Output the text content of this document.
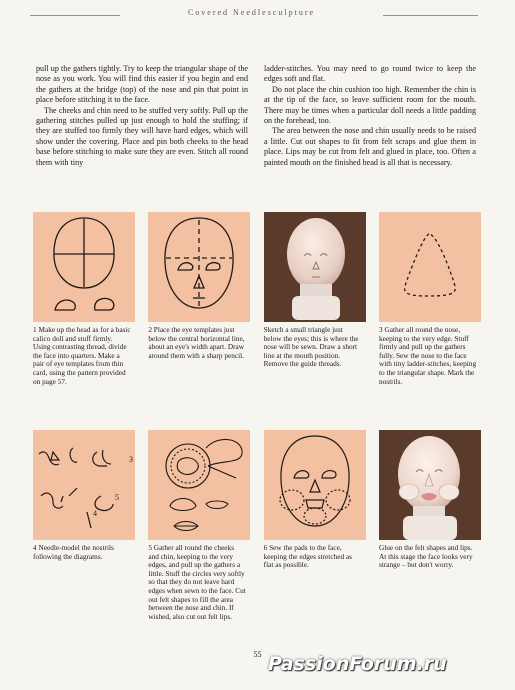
Covered Needlesculpture

pull up the gathers tightly. Try to keep the triangular shape of the nose as you work. You will find this easier if you begin and end the gathers at the bridge (top) of the nose and pin that point in place before stitching it to the face.

The cheeks and chin need to be stuffed very softly. Pull up the gathering stitches pulled up just enough to hold the stuffing; if they are stuffed too firmly they will have hard edges, which will show under the covering. Place and pin both cheeks to the head base before stitching to make sure they are even. Stitch all round them with tiny

ladder-stitches. You may need to go round twice to keep the edges soft and flat.

Do not place the chin cushion too high. Remember the chin is at the tip of the face, so leave sufficient room for the mouth. There may be times when a particular doll needs a little padding on the forehead, too.

The area between the nose and chin usually needs to be raised a little. Cut out shapes to fit from felt scraps and glue them in place. Lips may be cut from felt and glued in place, too. Often a painted mouth on the finished head is all that is necessary.

1 Make up the head as for a basic calico doll and stuff firmly. Using contrasting thread, divide the face into quarters. Make a pair of eye templates from thin card, using the pattern provided on page 57.
2 Place the eye templates just below the central horizontal line, about an eye's width apart. Draw around them with a sharp pencil.
Sketch a small triangle just below the eyes; this is where the nose will be sewn. Draw a short line at the mouth position. Remove the guide threads.
3 Gather all round the nose, keeping to the very edge. Stuff firmly and pull up the gathers fully. Sew the nose to the face with tiny ladder-stitches, keeping to the triangular shape. Mark the nostrils.
4
5
3
4 Needle-model the nostrils following the diagrams.
5 Gather all round the cheeks and chin, keeping to the very edges, and pull up the gathers a little. Stuff the circles very softly so that they do not leave hard edges when sewn to the face. Cut out felt shapes to fill the area between the nose and chin. If wished, also cut out felt lips.
6 Sew the pads to the face, keeping the edges stretched as flat as possible.
Glue on the felt shapes and lips. At this stage the face looks very strange – but don't worry.
55 PassionForum.ru
